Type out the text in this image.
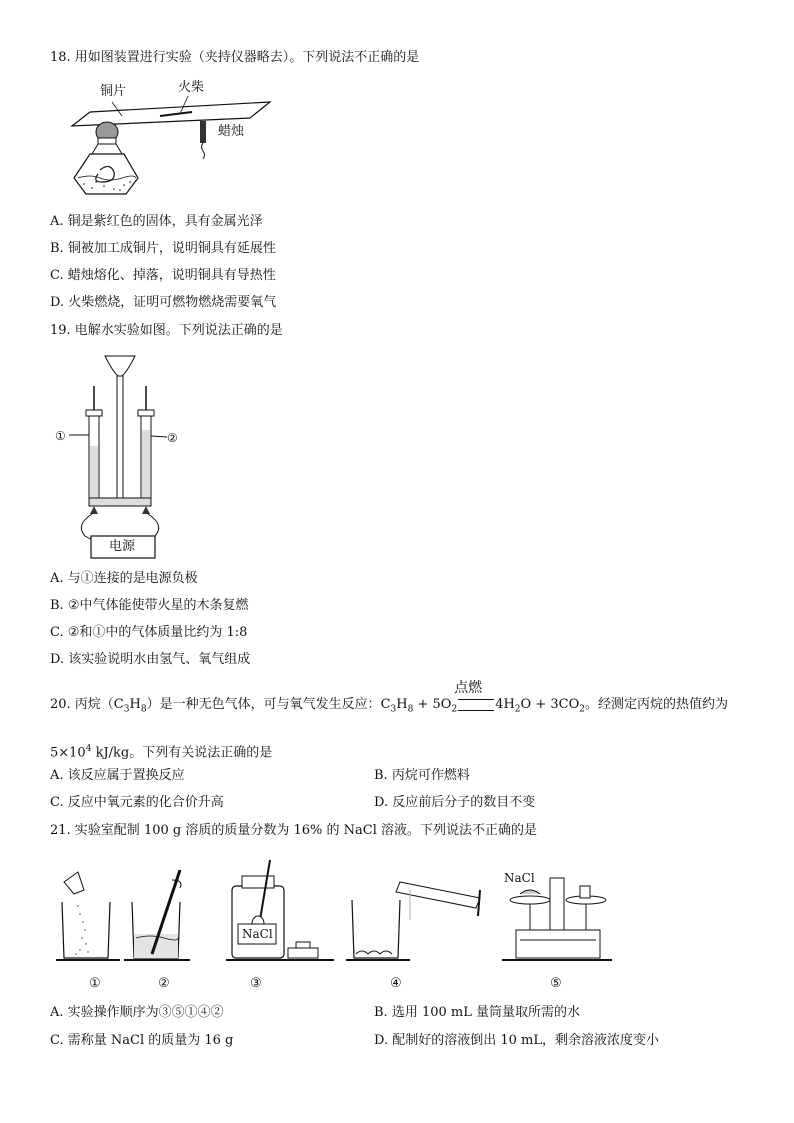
18. 用如图装置进行实验（夹持仪器略去）。下列说法不正确的是
铜片	火柴
蜡烛
A. 铜是紫红色的固体，具有金属光泽
B. 铜被加工成铜片，说明铜具有延展性
C. 蜡烛熔化、掉落，说明铜具有导热性
D. 火柴燃烧，证明可燃物燃烧需要氧气
19. 电解水实验如图。下列说法正确的是
①	②
电源
A. 与①连接的是电源负极
B. ②中气体能使带火星的木条复燃
C. ②和①中的气体质量比约为 1:8
D. 该实验说明水由氢气、氧气组成
20. 丙烷$(C_3H_8)$是一种无色气体，可与氧气发生反应：$C_3H_8 + 5O_2$
点燃
$4H_2O + 3CO_2$。经测定丙烷的热值约为
$5\times 10^4$ kJ/kg。下列有关说法正确的是
A. 该反应属于置换反应	B. 丙烷可作燃料
C. 反应中氧元素的化合价升高	D. 反应前后分子的数目不变
21. 实验室配制 100 g 溶质的质量分数为 16% 的 NaCl 溶液。下列说法不正确的是
NaCl
NaCl
①	②	③	④	⑤
A. 实验操作顺序为③⑤①④②	B. 选用 100 mL 量筒量取所需的水
C. 需称量 NaCl 的质量为 16 g	D. 配制好的溶液倒出 10 mL，剩余溶液浓度变小
